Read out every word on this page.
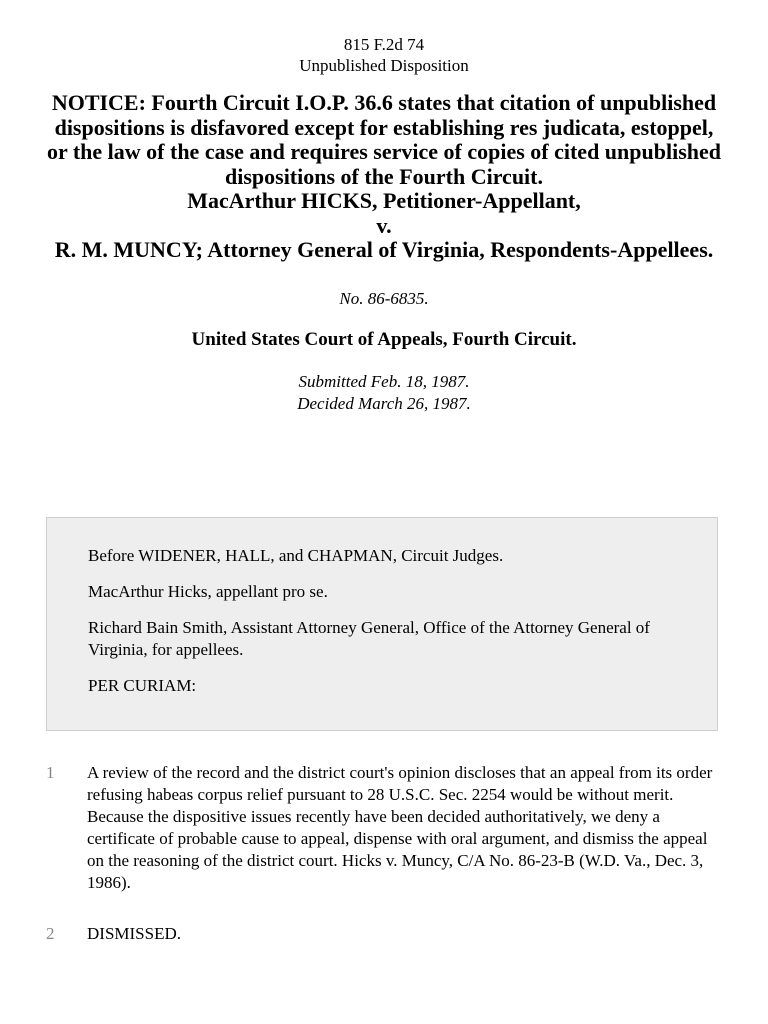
815 F.2d 74
Unpublished Disposition
NOTICE: Fourth Circuit I.O.P. 36.6 states that citation of unpublished dispositions is disfavored except for establishing res judicata, estoppel, or the law of the case and requires service of copies of cited unpublished dispositions of the Fourth Circuit.
MacArthur HICKS, Petitioner-Appellant,
v.
R. M. MUNCY; Attorney General of Virginia, Respondents-Appellees.
No. 86-6835.
United States Court of Appeals, Fourth Circuit.
Submitted Feb. 18, 1987.
Decided March 26, 1987.

Before WIDENER, HALL, and CHAPMAN, Circuit Judges.

MacArthur Hicks, appellant pro se.

Richard Bain Smith, Assistant Attorney General, Office of the Attorney General of Virginia, for appellees.

PER CURIAM:

1	A review of the record and the district court's opinion discloses that an appeal from its order refusing habeas corpus relief pursuant to 28 U.S.C. Sec. 2254 would be without merit. Because the dispositive issues recently have been decided authoritatively, we deny a certificate of probable cause to appeal, dispense with oral argument, and dismiss the appeal on the reasoning of the district court. Hicks v. Muncy, C/A No. 86-23-B (W.D. Va., Dec. 3, 1986).
2	DISMISSED.
